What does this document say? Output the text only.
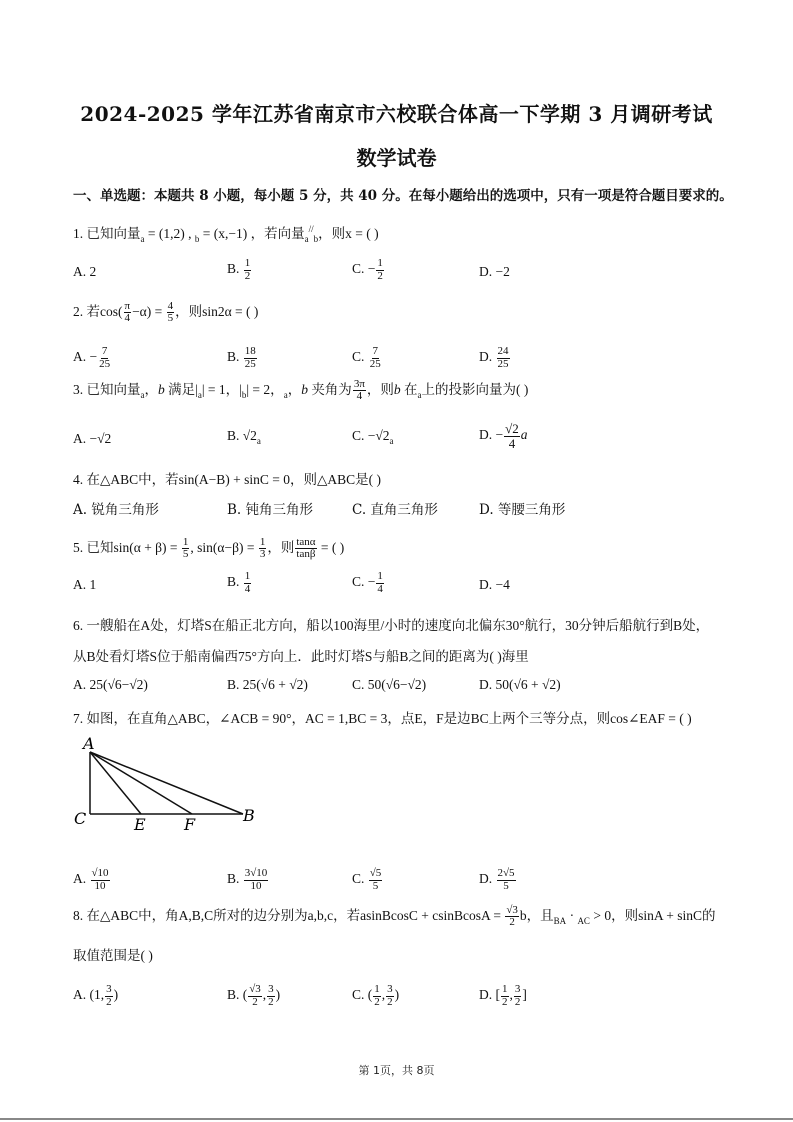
2024-2025 学年江苏省南京市六校联合体高一下学期 3 月调研考试
数学试卷
一、单选题：本题共 8 小题，每小题 5 分，共 40 分。在每小题给出的选项中，只有一项是符合题目要求的。
1. 已知向量$_a$ = (1,2) , $_b$ = (x,−1) ，若向量$_a$//$_b$，则x = ( )
A. 2	B. $\frac{1}{2}$	C. − $\frac{1}{2}$	D. −2
2. 若$\cos( \frac{\pi}{4} -\alpha) = \frac{4}{5}$ ，则sin2α = ( )
A. − $\frac{7}{25}$	B. $\frac{18}{25}$	C. $\frac{7}{25}$	D. $\frac{24}{25}$
3. 已知向量$_a$，b 满足$|_a| = 1$，$|_b| = 2$，$_a$，b 夹角为 $\frac{3\pi}{4}$ ，则b 在$_a$上的投影向量为( )
A. −√2	B. $√2_a$	C. $-√2_a$	D. − $\frac{√2}{4}$ a
4. 在△ABC中，若sin(A−B) + sinC = 0，则△ABC是( )
A. 锐角三角形	B. 钝角三角形	C. 直角三角形	D. 等腰三角形
5. 已知$\sin(\alpha + \beta) = \frac{1}{5}$ , $\sin(\alpha-\beta) = \frac{1}{3}$ ，则 $\frac{\tan\alpha}{\tan\beta}$ = ( )
A. 1	B. $\frac{1}{4}$	C. − $\frac{1}{4}$	D. −4
6. 一艘船在A处，灯塔S在船正北方向，船以100海里/小时的速度向北偏东30°航行，30分钟后船航行到B处，
从B处看灯塔S位于船南偏西75°方向上．此时灯塔S与船B之间的距离为( )海里
A. 25(√6−√2)	B. 25(√6 + √2)	C. 50(√6−√2)	D. 50(√6 + √2)
7. 如图，在直角△ABC，∠ACB = 90°，AC = 1,BC = 3，点E，F是边BC上两个三等分点，则cos∠EAF = ( )
A
C	E F	B
A. $\frac{√10}{10}$	B. $\frac{3√10}{10}$	C. $\frac{√5}{5}$	D. $\frac{2√5}{5}$
8. 在△ABC中，角A,B,C所对的边分别为a,b,c，若asinBcosC + csinBcosA = $\frac{√3}{2}$ b，且$_{BA}$ · $_{AC}$ > 0，则sinA + sinC的
取值范围是( )
A. (1, $\frac{3}{2}$ )	B. ( $\frac{√3}{2}$ , $\frac{3}{2}$ )	C. ( $\frac{1}{2}$ , $\frac{3}{2}$ )	D. [ $\frac{1}{2}$ , $\frac{3}{2}$ ]
第 1页，共 8页
